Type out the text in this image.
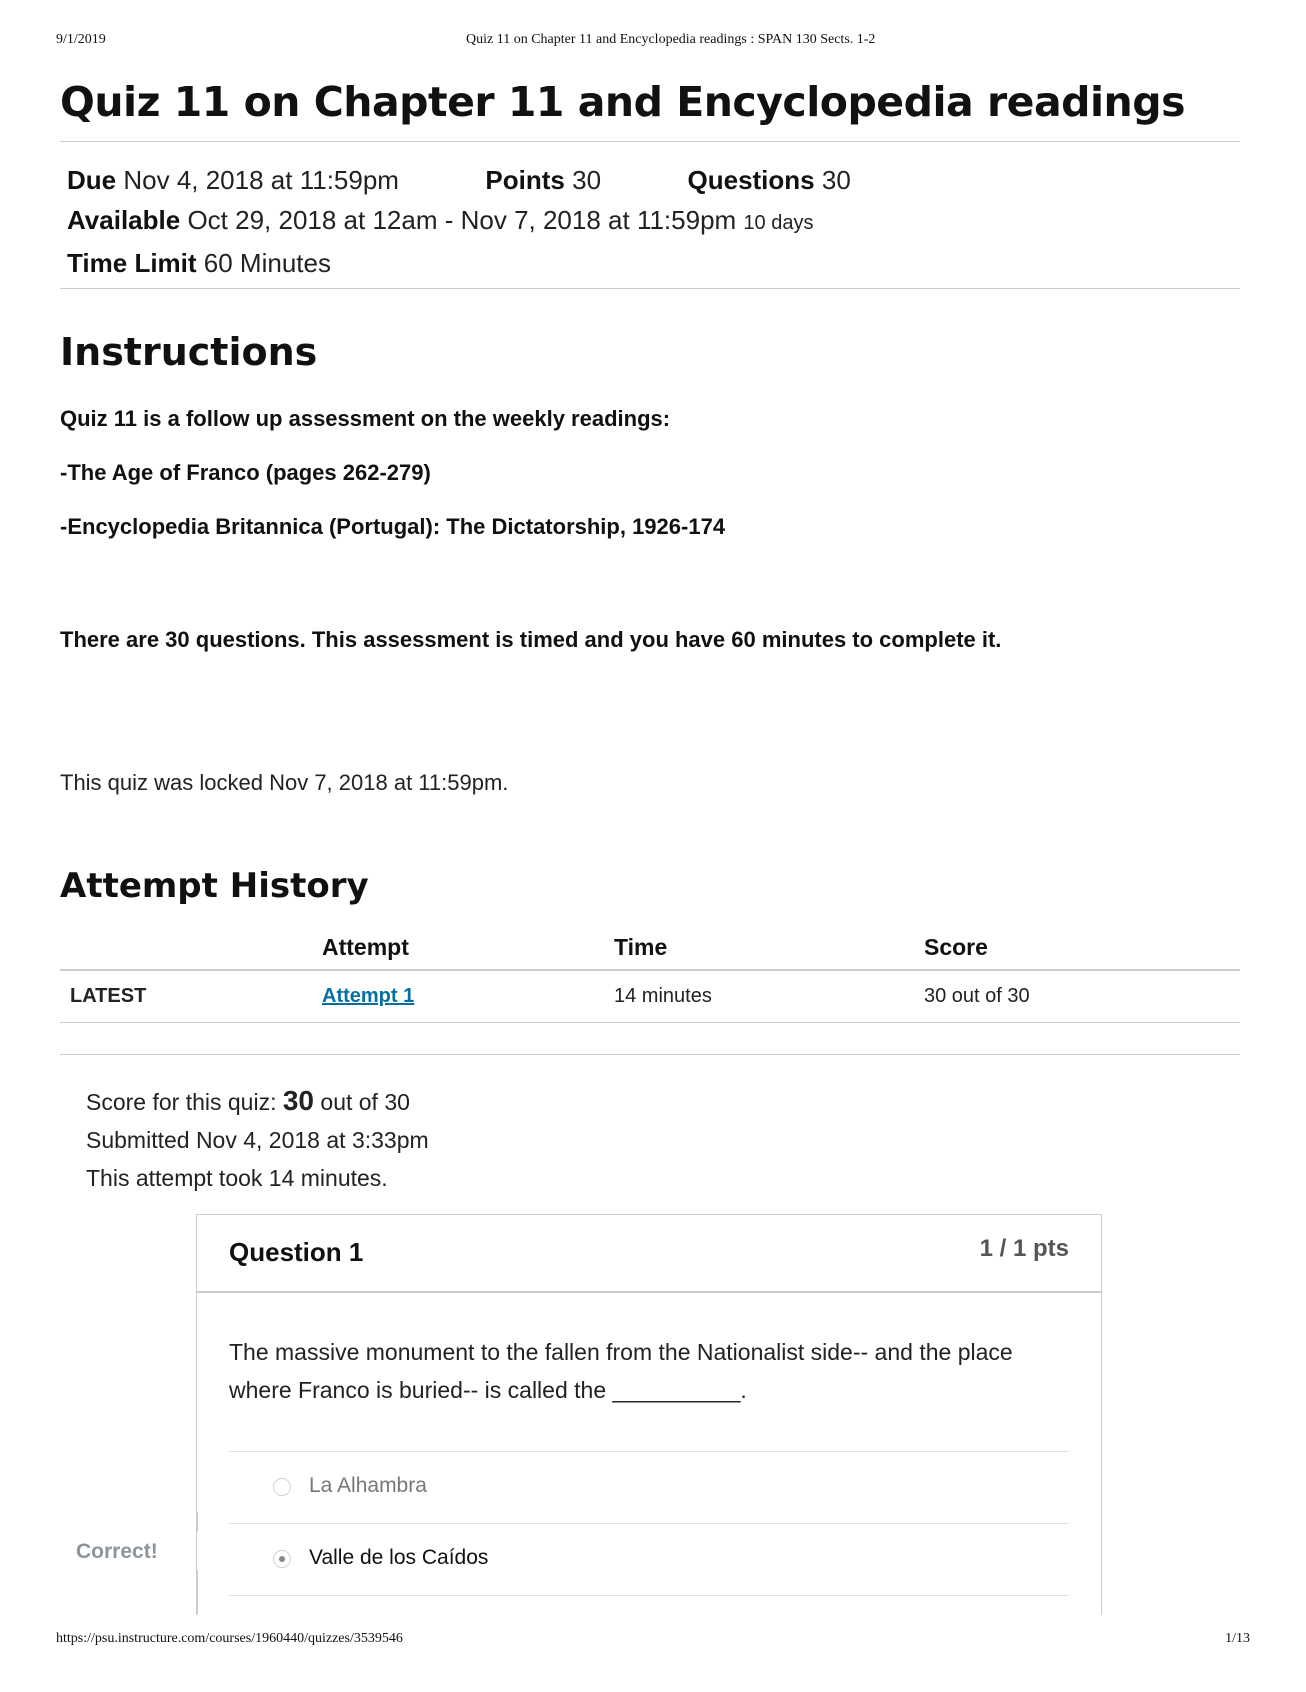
9/1/2019	Quiz 11 on Chapter 11 and Encyclopedia readings : SPAN 130 Sects. 1-2
Quiz 11 on Chapter 11 and Encyclopedia readings
Due Nov 4, 2018 at 11:59pm	Points 30	Questions 30
Available Oct 29, 2018 at 12am - Nov 7, 2018 at 11:59pm 10 days
Time Limit 60 Minutes
Instructions

Quiz 11 is a follow up assessment on the weekly readings:

-The Age of Franco (pages 262-279)

-Encyclopedia Britannica (Portugal): The Dictatorship, 1926-174

There are 30 questions. This assessment is timed and you have 60 minutes to complete it.

This quiz was locked Nov 7, 2018 at 11:59pm.

Attempt History
	Attempt	Time	Score
LATEST	Attempt 1	14 minutes	30 out of 30
Score for this quiz: 30 out of 30
Submitted Nov 4, 2018 at 3:33pm
This attempt took 14 minutes.
Question 1	1 / 1 pts
The massive monument to the fallen from the Nationalist side-- and the place where Franco is buried-- is called the __________.
La Alhambra
Valle de los Caídos
Correct!
https://psu.instructure.com/courses/1960440/quizzes/3539546	1/13
